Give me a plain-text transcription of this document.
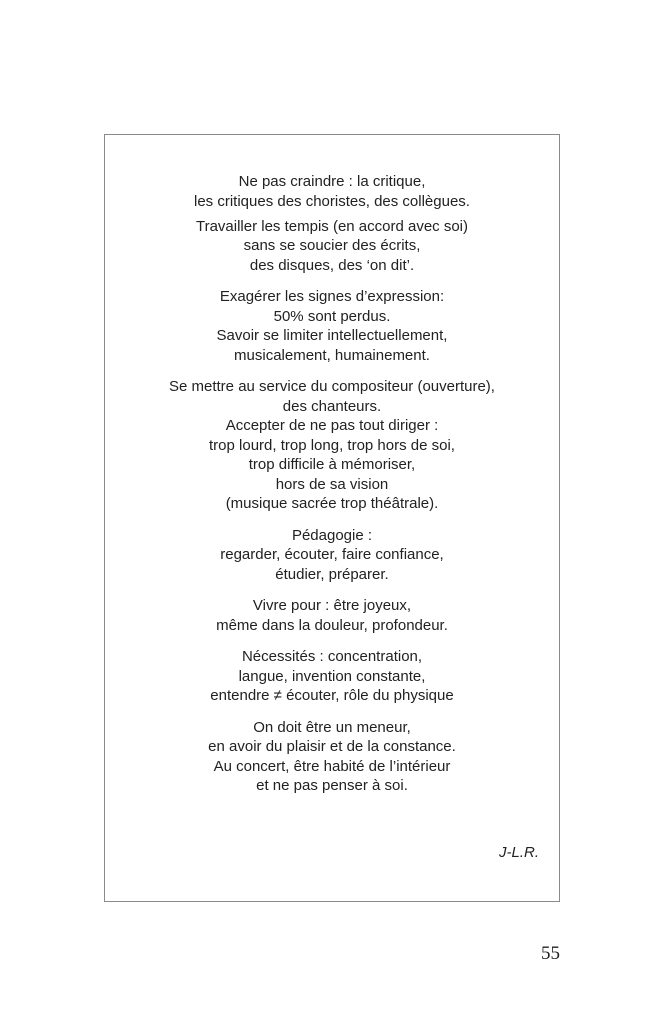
Ne pas craindre : la critique,
les critiques des choristes, des collègues.
Travailler les tempis (en accord avec soi)
sans se soucier des écrits,
des disques, des ‘on dit’.
Exagérer les signes d’expression:
50% sont perdus.
Savoir se limiter intellectuellement,
musicalement, humainement.
Se mettre au service du compositeur (ouverture),
des chanteurs.
Accepter de ne pas tout diriger :
trop lourd, trop long, trop hors de soi,
trop difficile à mémoriser,
hors de sa vision
(musique sacrée trop théâtrale).
Pédagogie :
regarder, écouter, faire confiance,
étudier, préparer.
Vivre pour : être joyeux,
même dans la douleur, profondeur.
Nécessités : concentration,
langue, invention constante,
entendre ≠ écouter, rôle du physique
On doit être un meneur,
en avoir du plaisir et de la constance.
Au concert, être habité de l’intérieur
et ne pas penser à soi.
J-L.R.
55
